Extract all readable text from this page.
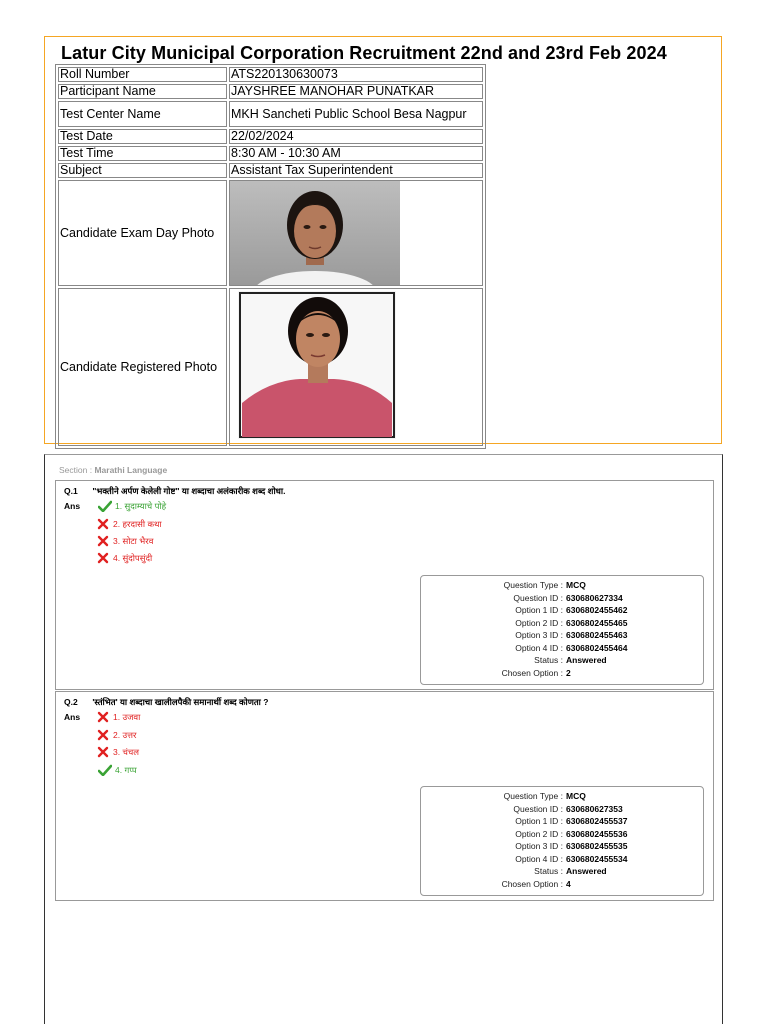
Latur City Municipal Corporation Recruitment 22nd and 23rd Feb 2024
Roll Number	ATS220130630073
Participant Name	JAYSHREE MANOHAR PUNATKAR
Test Center Name	MKH Sancheti Public School Besa Nagpur
Test Date	22/02/2024
Test Time	8:30 AM - 10:30 AM
Subject	Assistant Tax Superintendent
Candidate Exam Day Photo	

Candidate Registered Photo	
Section : Marathi Language
Q.1 "भक्तीने अर्पण केलेली गोष्ट" या शब्दाचा अलंकारीक शब्द शोधा.
Ans	1. सुदाम्याचे पोहे
2. हरदासी कथा
3. सोटा भैरव
4. सुंदोपसुंदी
Question Type : MCQ
Question ID : 630680627334
Option 1 ID : 6306802455462
Option 2 ID : 6306802455465
Option 3 ID : 6306802455463
Option 4 ID : 6306802455464
Status : Answered
Chosen Option : 2
Q.2 'स्तंभित' या शब्दाचा खालीलपैकी समानार्थी शब्द कोणता ?
Ans	1. उजवा
2. उत्तर
3. चंचल
4. गप्प
Question Type : MCQ
Question ID : 630680627353
Option 1 ID : 6306802455537
Option 2 ID : 6306802455536
Option 3 ID : 6306802455535
Option 4 ID : 6306802455534
Status : Answered
Chosen Option : 4
